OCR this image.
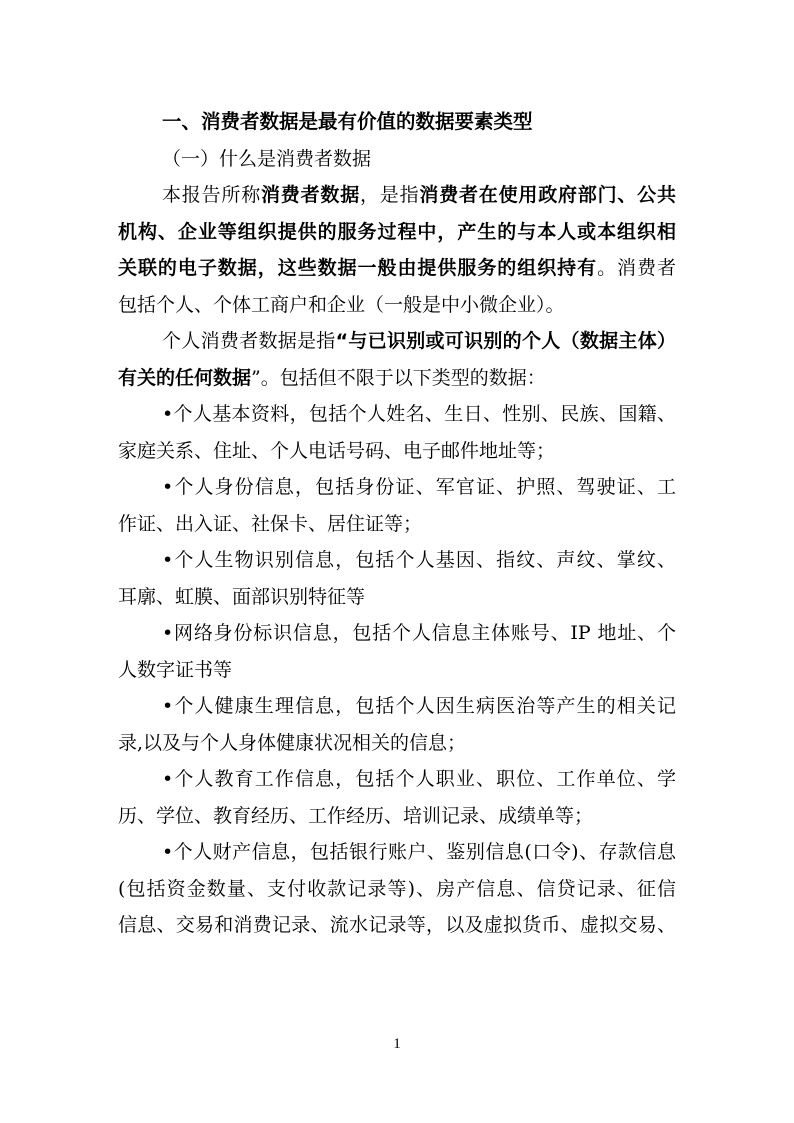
一、消费者数据是最有价值的数据要素类型
（一）什么是消费者数据
本报告所称消费者数据，是指消费者在使用政府部门、公共
机构、企业等组织提供的服务过程中，产生的与本人或本组织相
关联的电子数据，这些数据一般由提供服务的组织持有。消费者
包括个人、个体工商户和企业（一般是中小微企业）。
个人消费者数据是指“与已识别或可识别的个人（数据主体）
有关的任何数据”。包括但不限于以下类型的数据：
•个人基本资料，包括个人姓名、生日、性别、民族、国籍、
家庭关系、住址、个人电话号码、电子邮件地址等；
•个人身份信息，包括身份证、军官证、护照、驾驶证、工
作证、出入证、社保卡、居住证等；
•个人生物识别信息，包括个人基因、指纹、声纹、掌纹、
耳廓、虹膜、面部识别特征等
•网络身份标识信息，包括个人信息主体账号、IP 地址、个
人数字证书等
•个人健康生理信息，包括个人因生病医治等产生的相关记
录,以及与个人身体健康状况相关的信息；
•个人教育工作信息，包括个人职业、职位、工作单位、学
历、学位、教育经历、工作经历、培训记录、成绩单等；
•个人财产信息，包括银行账户、鉴别信息(口令)、存款信息
(包括资金数量、支付收款记录等)、房产信息、信贷记录、征信
信息、交易和消费记录、流水记录等，以及虚拟货币、虚拟交易、
1
